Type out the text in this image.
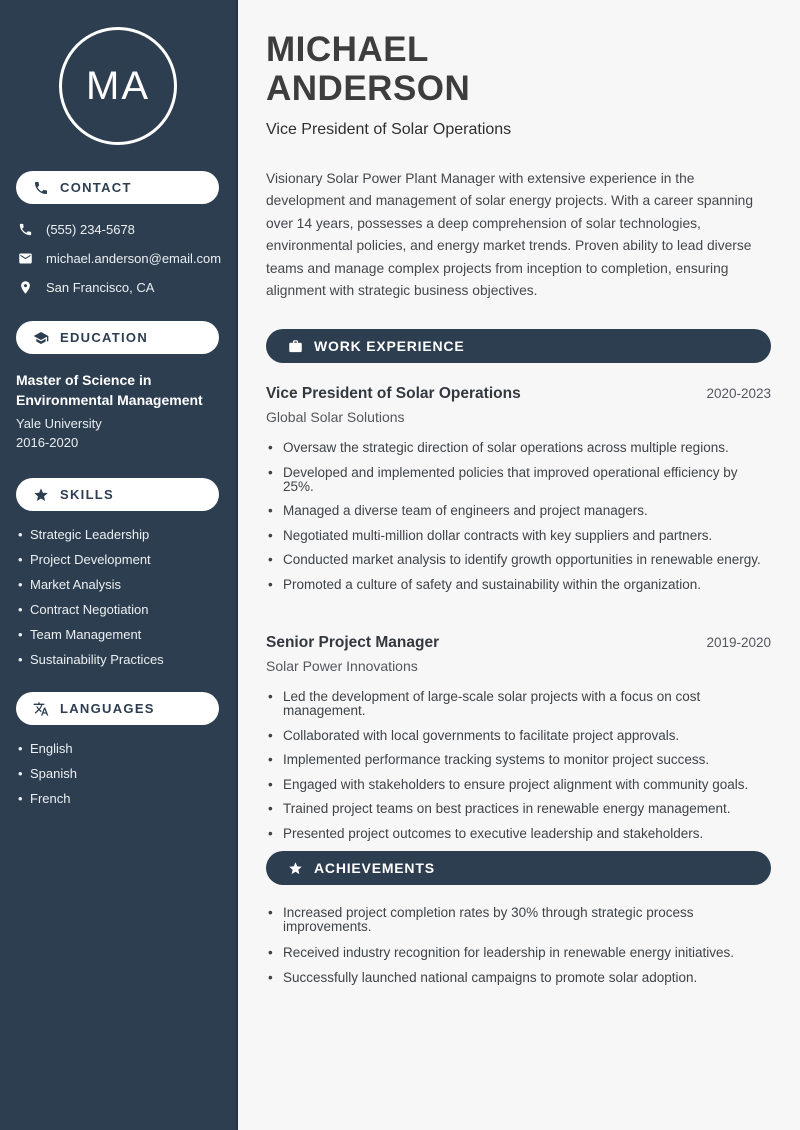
MA
CONTACT
(555) 234-5678
michael.anderson@email.com
San Francisco, CA
EDUCATION
Master of Science in Environmental Management
Yale University
2016-2020
SKILLS
• Strategic Leadership
• Project Development
• Market Analysis
• Contract Negotiation
• Team Management
• Sustainability Practices
LANGUAGES
• English
• Spanish
• French
MICHAEL
ANDERSON
Vice President of Solar Operations

Visionary Solar Power Plant Manager with extensive experience in the development and management of solar energy projects. With a career spanning over 14 years, possesses a deep comprehension of solar technologies, environmental policies, and energy market trends. Proven ability to lead diverse teams and manage complex projects from inception to completion, ensuring alignment with strategic business objectives.

WORK EXPERIENCE
Vice President of Solar Operations	2020-2023
Global Solar Solutions
• Oversaw the strategic direction of solar operations across multiple regions.
• Developed and implemented policies that improved operational efficiency by 25%.
• Managed a diverse team of engineers and project managers.
• Negotiated multi-million dollar contracts with key suppliers and partners.
• Conducted market analysis to identify growth opportunities in renewable energy.
• Promoted a culture of safety and sustainability within the organization.
Senior Project Manager	2019-2020
Solar Power Innovations
• Led the development of large-scale solar projects with a focus on cost management.
• Collaborated with local governments to facilitate project approvals.
• Implemented performance tracking systems to monitor project success.
• Engaged with stakeholders to ensure project alignment with community goals.
• Trained project teams on best practices in renewable energy management.
• Presented project outcomes to executive leadership and stakeholders.
ACHIEVEMENTS
• Increased project completion rates by 30% through strategic process improvements.
• Received industry recognition for leadership in renewable energy initiatives.
• Successfully launched national campaigns to promote solar adoption.
